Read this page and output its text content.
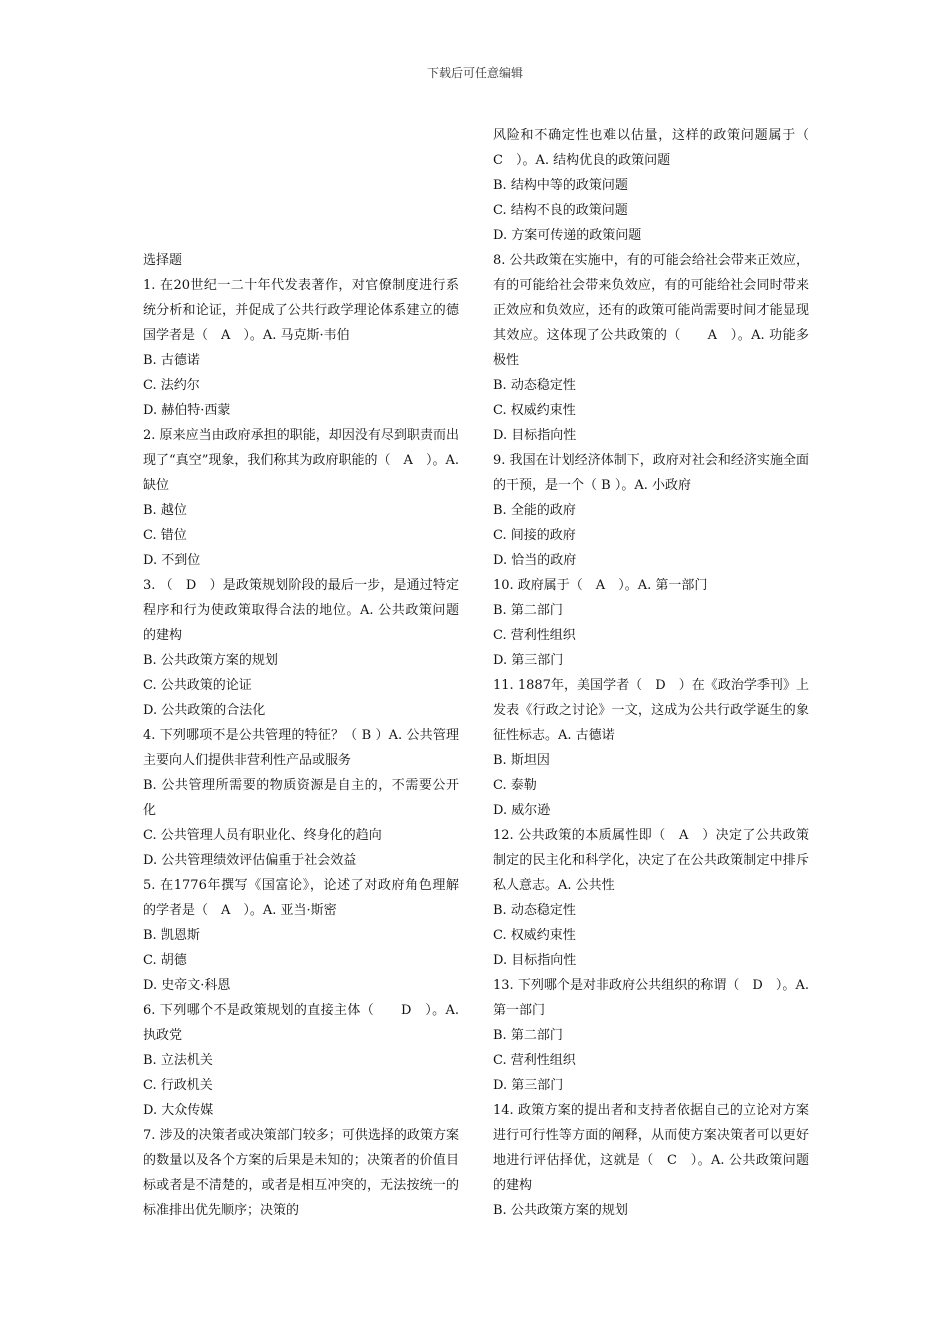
下载后可任意编辑

选择题

1. 在20世纪一二十年代发表著作，对官僚制度进行系统分析和论证，并促成了公共行政学理论体系建立的德国学者是（　A　）。A. 马克斯·韦伯

B. 古德诺

C. 法约尔

D. 赫伯特·西蒙

2. 原来应当由政府承担的职能，却因没有尽到职责而出现了“真空”现象，我们称其为政府职能的（　A　）。A. 缺位

B. 越位

C. 错位

D. 不到位

3. （　D　）是政策规划阶段的最后一步，是通过特定程序和行为使政策取得合法的地位。A. 公共政策问题的建构

B. 公共政策方案的规划

C. 公共政策的论证

D. 公共政策的合法化

4. 下列哪项不是公共管理的特征？（ B ）A. 公共管理主要向人们提供非营利性产品或服务

B. 公共管理所需要的物质资源是自主的，不需要公开化

C. 公共管理人员有职业化、终身化的趋向

D. 公共管理绩效评估偏重于社会效益

5. 在1776年撰写《国富论》，论述了对政府角色理解的学者是（　A　）。A. 亚当·斯密

B. 凯恩斯

C. 胡德

D. 史帝文·科恩

6. 下列哪个不是政策规划的直接主体（　　D　）。A. 执政党

B. 立法机关

C. 行政机关

D. 大众传媒

7. 涉及的决策者或决策部门较多；可供选择的政策方案的数量以及各个方案的后果是未知的；决策者的价值目标或者是不清楚的，或者是相互冲突的，无法按统一的标准排出优先顺序；决策的

风险和不确定性也难以估量，这样的政策问题属于（　C　）。A. 结构优良的政策问题

B. 结构中等的政策问题

C. 结构不良的政策问题

D. 方案可传递的政策问题

8. 公共政策在实施中，有的可能会给社会带来正效应，有的可能给社会带来负效应，有的可能给社会同时带来正效应和负效应，还有的政策可能尚需要时间才能显现其效应。这体现了公共政策的（　　A　）。A. 功能多极性

B. 动态稳定性

C. 权威约束性

D. 目标指向性

9. 我国在计划经济体制下，政府对社会和经济实施全面的干预，是一个（ B ）。A. 小政府

B. 全能的政府

C. 间接的政府

D. 恰当的政府

10. 政府属于（　A　）。A. 第一部门

B. 第二部门

C. 营利性组织

D. 第三部门

11. 1887年，美国学者（　D　）在《政治学季刊》上发表《行政之讨论》一文，这成为公共行政学诞生的象征性标志。A. 古德诺

B. 斯坦因

C. 泰勒

D. 威尔逊

12. 公共政策的本质属性即（　A　）决定了公共政策制定的民主化和科学化，决定了在公共政策制定中排斥私人意志。A. 公共性

B. 动态稳定性

C. 权威约束性

D. 目标指向性

13. 下列哪个是对非政府公共组织的称谓（　D　）。A. 第一部门

B. 第二部门

C. 营利性组织

D. 第三部门

14. 政策方案的提出者和支持者依据自己的立论对方案进行可行性等方面的阐释，从而使方案决策者可以更好地进行评估择优，这就是（　C　）。A. 公共政策问题的建构

B. 公共政策方案的规划
